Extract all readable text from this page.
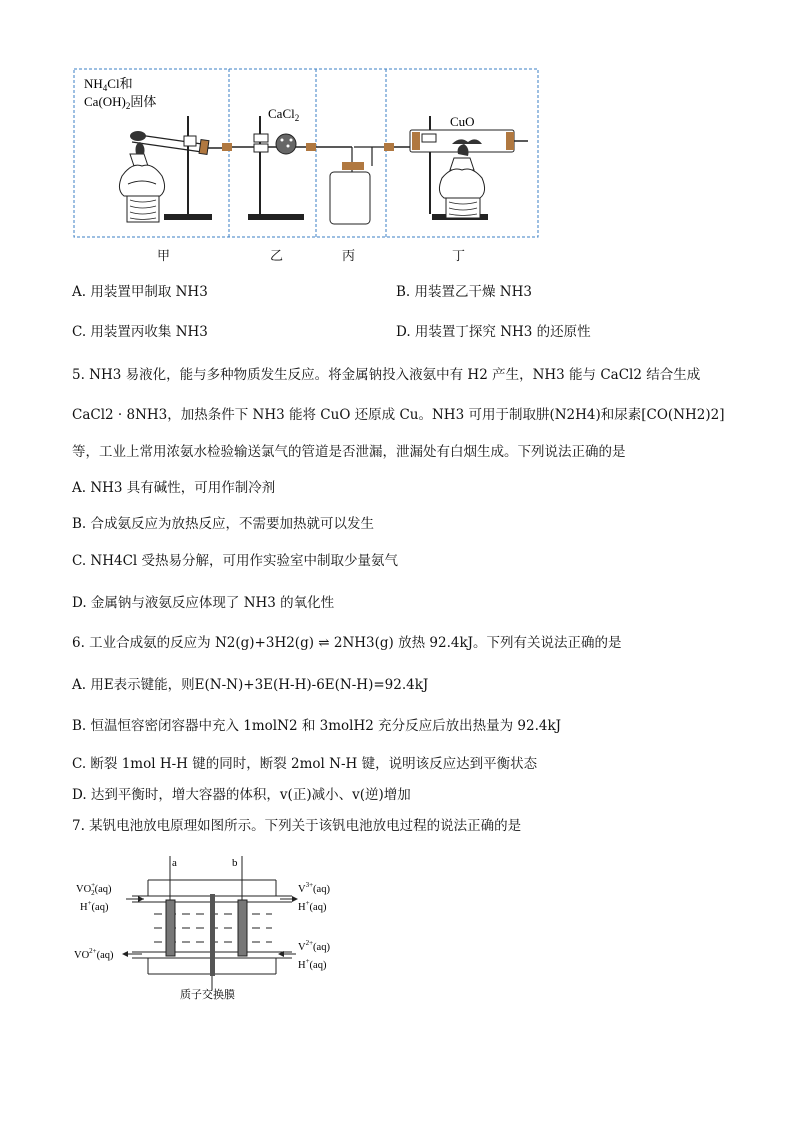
$NH_4Cl$和
$Ca(OH)_2$固体
CaCl$_2$	CuO
甲	乙	丙	丁
A. 用装置甲制取 NH3	B. 用装置乙干燥 NH3
C. 用装置丙收集 NH3	D. 用装置丁探究 NH3 的还原性
5. NH3 易液化，能与多种物质发生反应。将金属钠投入液氨中有 H2 产生，NH3 能与 CaCl2 结合生成
CaCl2 · 8NH3，加热条件下 NH3 能将 CuO 还原成 Cu。NH3 可用于制取肼(N2H4)和尿素[CO(NH2)2]
等，工业上常用浓氨水检验输送氯气的管道是否泄漏，泄漏处有白烟生成。下列说法正确的是
A. NH3 具有碱性，可用作制冷剂
B. 合成氨反应为放热反应，不需要加热就可以发生
C. NH4Cl 受热易分解，可用作实验室中制取少量氨气
D. 金属钠与液氨反应体现了 NH3 的氧化性
6. 工业合成氨的反应为 N2(g)+3H2(g) ⇌ 2NH3(g) 放热 92.4kJ。下列有关说法正确的是
A. 用E表示键能，则E(N-N)+3E(H-H)-6E(N-H)=92.4kJ
B. 恒温恒容密闭容器中充入 1molN2 和 3molH2 充分反应后放出热量为 92.4kJ
C. 断裂 1mol H-H 键的同时，断裂 2mol N-H 键，说明该反应达到平衡状态
D. 达到平衡时，增大容器的体积，v(正)减小、v(逆)增加
7. 某钒电池放电原理如图所示。下列关于该钒电池放电过程的说法正确的是
a	b
VO+ 2(aq)
H+(aq)
$VO^{2+}(aq)$
$V^{3+}(aq)$
H+(aq)
$V^{2+}(aq)$
H+(aq)
质子交换膜
